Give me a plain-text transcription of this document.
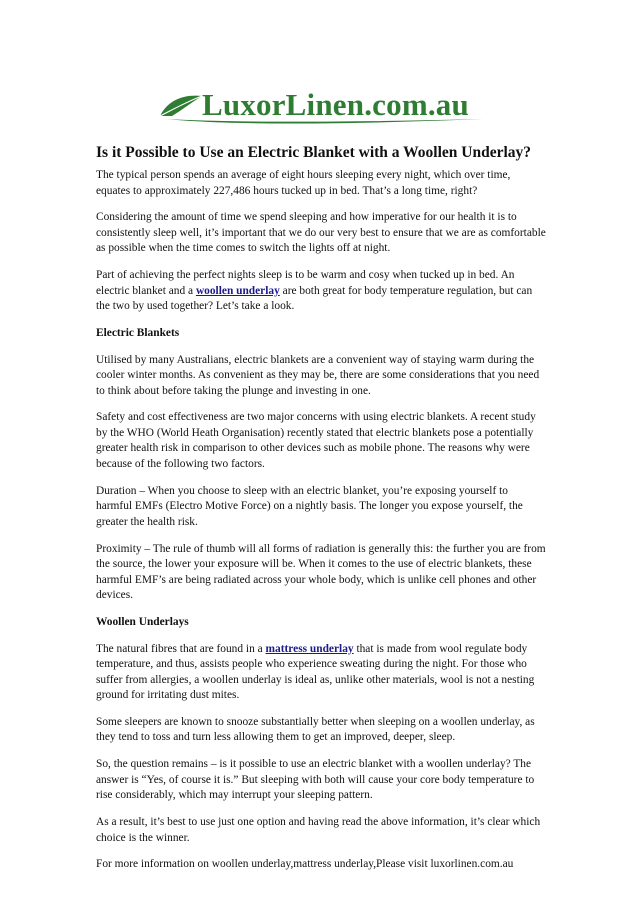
LuxorLinen.com.au
Is it Possible to Use an Electric Blanket with a Woollen Underlay?

The typical person spends an average of eight hours sleeping every night, which over time, equates to approximately 227,486 hours tucked up in bed. That’s a long time, right?

Considering the amount of time we spend sleeping and how imperative for our health it is to consistently sleep well, it’s important that we do our very best to ensure that we are as comfortable as possible when the time comes to switch the lights off at night.

Part of achieving the perfect nights sleep is to be warm and cosy when tucked up in bed. An electric blanket and a woollen underlay are both great for body temperature regulation, but can the two by used together? Let’s take a look.

Electric Blankets

Utilised by many Australians, electric blankets are a convenient way of staying warm during the cooler winter months. As convenient as they may be, there are some considerations that you need to think about before taking the plunge and investing in one.

Safety and cost effectiveness are two major concerns with using electric blankets. A recent study by the WHO (World Heath Organisation) recently stated that electric blankets pose a potentially greater health risk in comparison to other devices such as mobile phone. The reasons why were because of the following two factors.

Duration – When you choose to sleep with an electric blanket, you’re exposing yourself to harmful EMFs (Electro Motive Force) on a nightly basis. The longer you expose yourself, the greater the health risk.

Proximity – The rule of thumb will all forms of radiation is generally this: the further you are from the source, the lower your exposure will be. When it comes to the use of electric blankets, these harmful EMF’s are being radiated across your whole body, which is unlike cell phones and other devices.

Woollen Underlays

The natural fibres that are found in a mattress underlay that is made from wool regulate body temperature, and thus, assists people who experience sweating during the night. For those who suffer from allergies, a woollen underlay is ideal as, unlike other materials, wool is not a nesting ground for irritating dust mites.

Some sleepers are known to snooze substantially better when sleeping on a woollen underlay, as they tend to toss and turn less allowing them to get an improved, deeper, sleep.

So, the question remains – is it possible to use an electric blanket with a woollen underlay? The answer is “Yes, of course it is.” But sleeping with both will cause your core body temperature to rise considerably, which may interrupt your sleeping pattern.

As a result, it’s best to use just one option and having read the above information, it’s clear which choice is the winner.

For more information on woollen underlay,mattress underlay,Please visit luxorlinen.com.au
